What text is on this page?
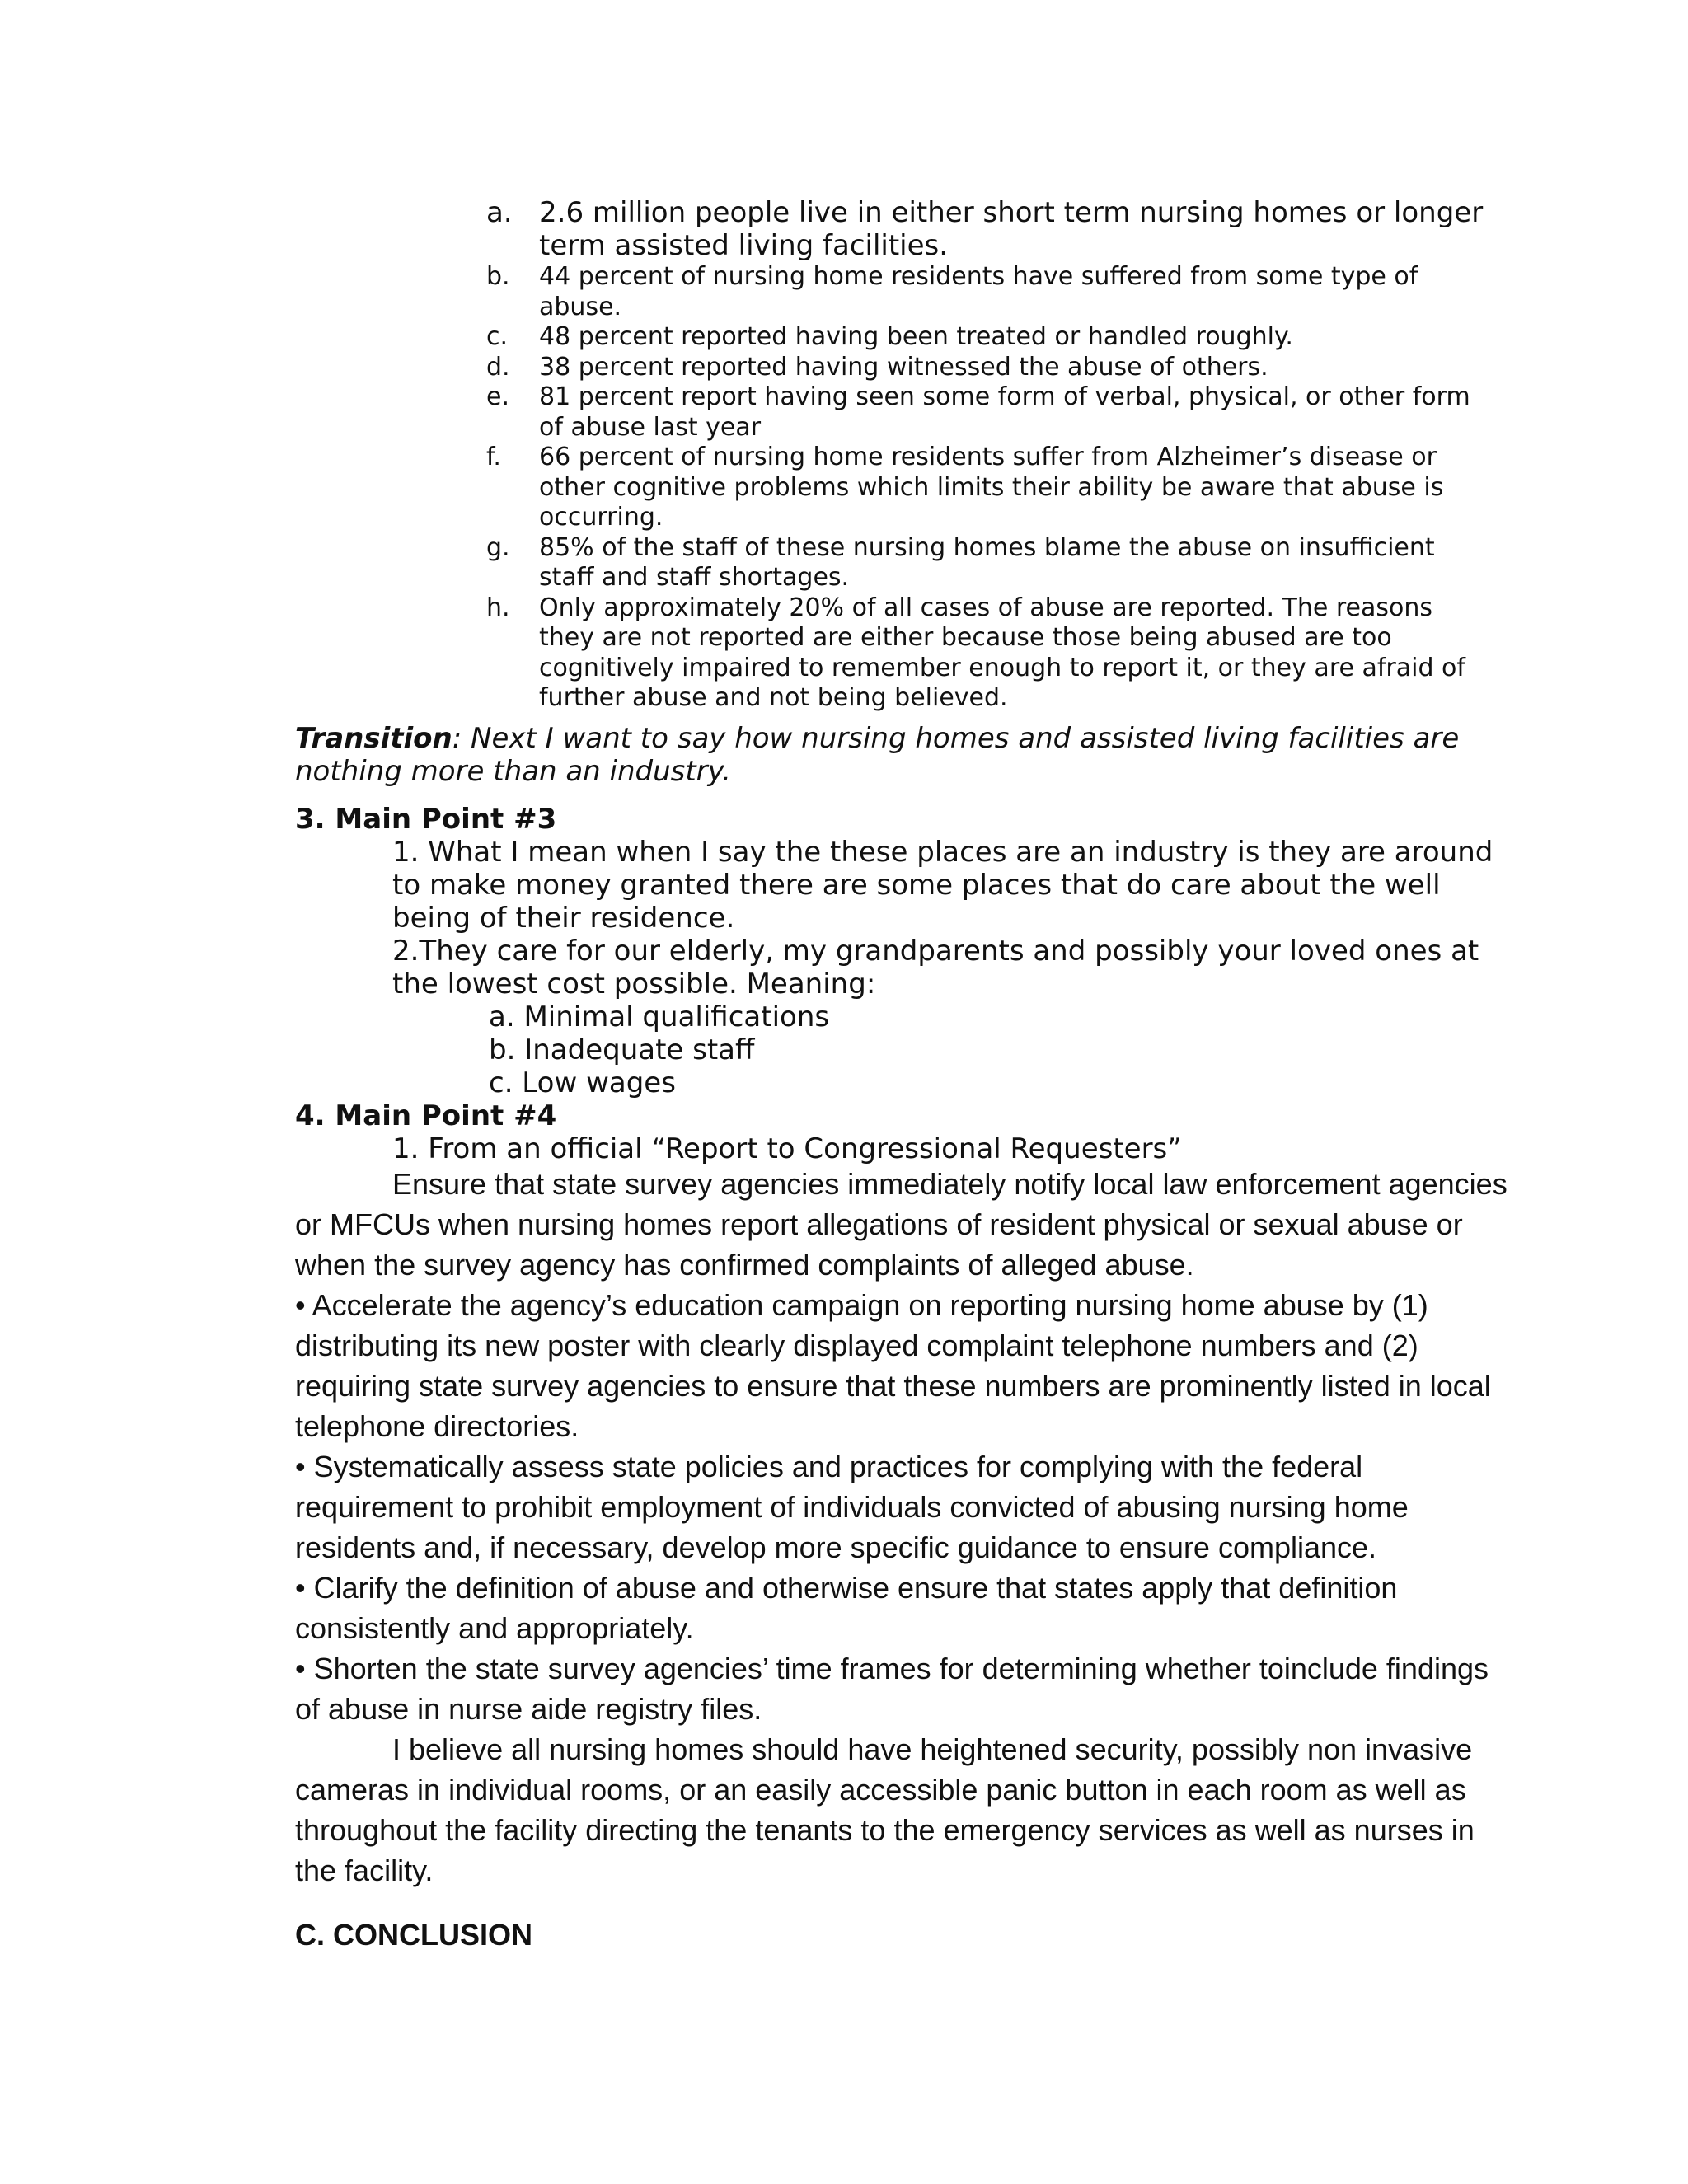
a. 2.6 million people live in either short term nursing homes or longer term assisted living facilities.
b. 44 percent of nursing home residents have suffered from some type of abuse.
c. 48 percent reported having been treated or handled roughly.
d. 38 percent reported having witnessed the abuse of others.
e. 81 percent report having seen some form of verbal, physical, or other form of abuse last year
f. 66 percent of nursing home residents suffer from Alzheimer’s disease or other cognitive problems which limits their ability be aware that abuse is occurring.
g. 85% of the staff of these nursing homes blame the abuse on insufficient staff and staff shortages.
h. Only approximately 20% of all cases of abuse are reported. The reasons they are not reported are either because those being abused are too cognitively impaired to remember enough to report it, or they are afraid of further abuse and not being believed.

Transition: Next I want to say how nursing homes and assisted living facilities are nothing more than an industry.

3. Main Point #3

1. What I mean when I say the these places are an industry is they are around to make money granted there are some places that do care about the well being of their residence.

2.They care for our elderly, my grandparents and possibly your loved ones at the lowest cost possible. Meaning:

a. Minimal qualifications

b. Inadequate staff

c. Low wages

4. Main Point #4

1. From an official “Report to Congressional Requesters”

Ensure that state survey agencies immediately notify local law enforcement agencies or MFCUs when nursing homes report allegations of resident physical or sexual abuse or when the survey agency has confirmed complaints of alleged abuse.

• Accelerate the agency’s education campaign on reporting nursing home abuse by (1) distributing its new poster with clearly displayed complaint telephone numbers and (2) requiring state survey agencies to ensure that these numbers are prominently listed in local telephone directories.

• Systematically assess state policies and practices for complying with the federal requirement to prohibit employment of individuals convicted of abusing nursing home residents and, if necessary, develop more specific guidance to ensure compliance.

• Clarify the definition of abuse and otherwise ensure that states apply that definition consistently and appropriately.

• Shorten the state survey agencies’ time frames for determining whether toinclude findings of abuse in nurse aide registry files.

I believe all nursing homes should have heightened security, possibly non invasive cameras in individual rooms, or an easily accessible panic button in each room as well as throughout the facility directing the tenants to the emergency services as well as nurses in the facility.

C. CONCLUSION
